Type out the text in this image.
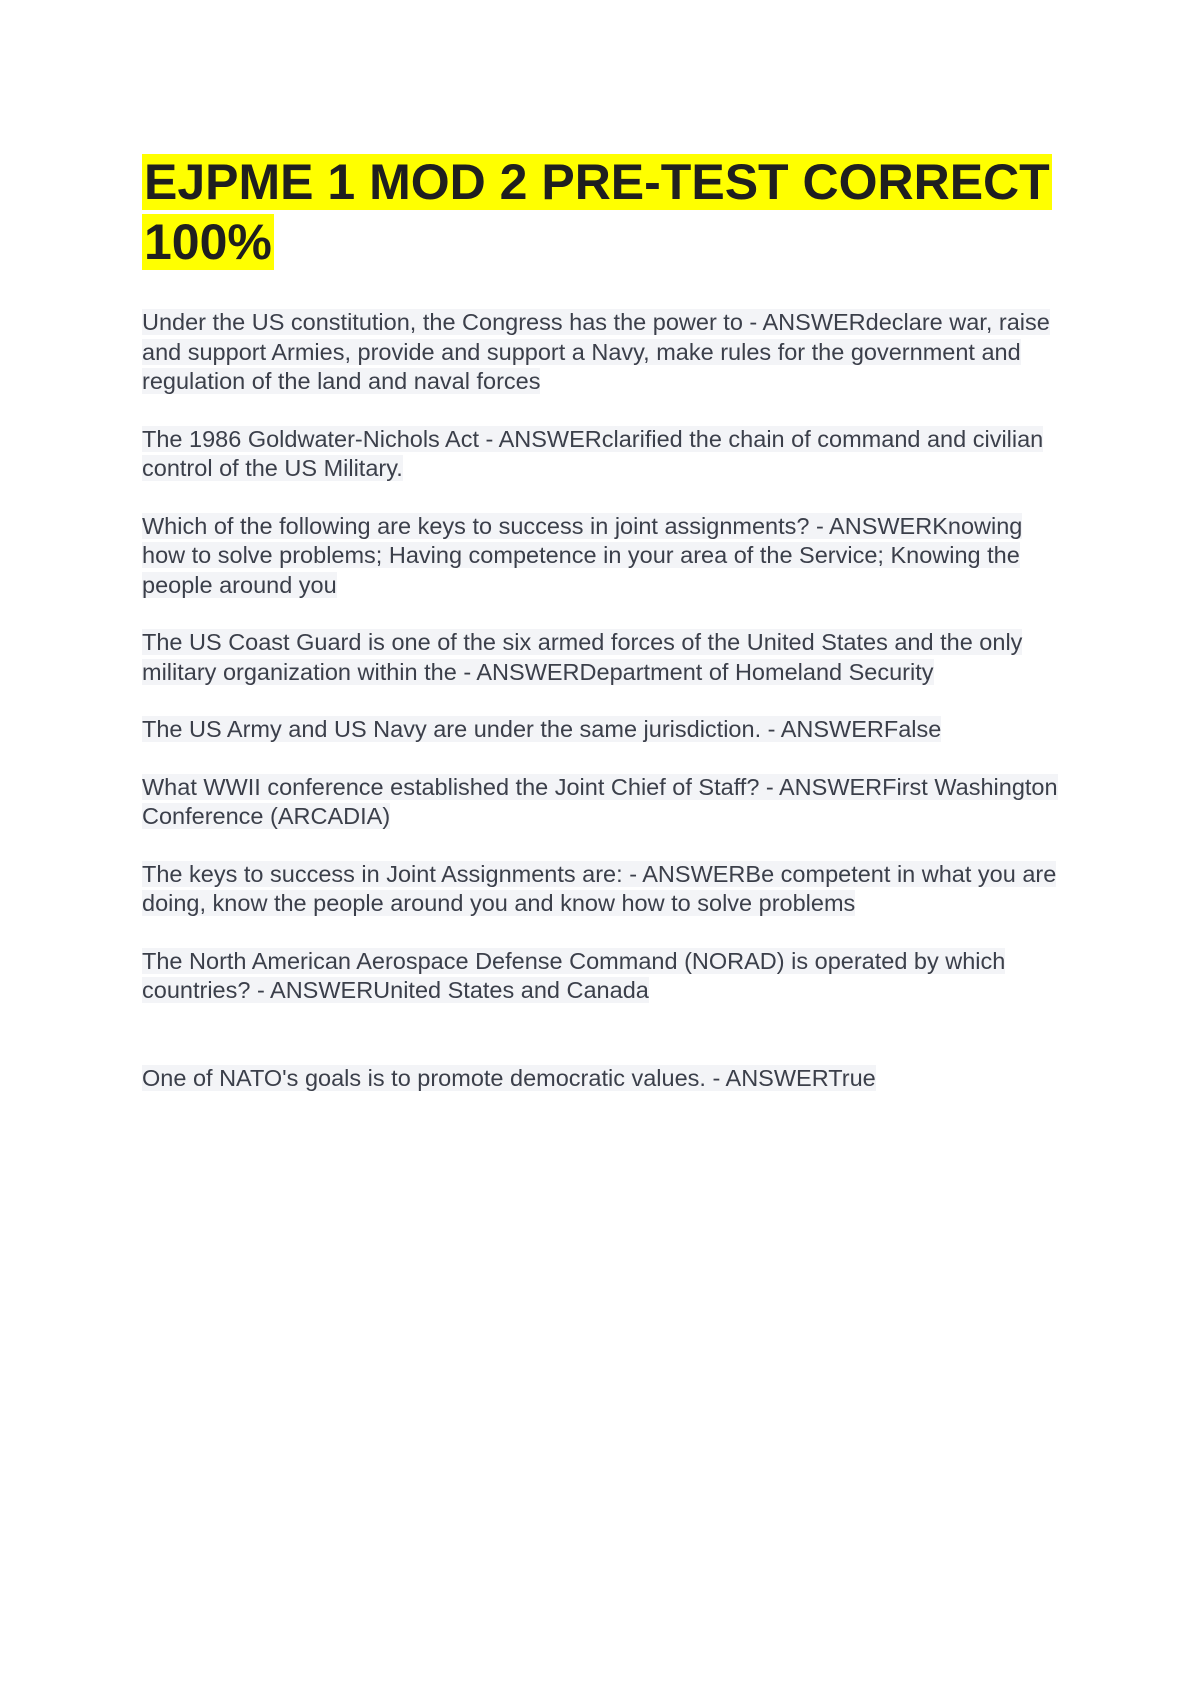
EJPME 1 MOD 2 PRE-TEST CORRECT 100%

Under the US constitution, the Congress has the power to - ANSWERdeclare war, raise and support Armies, provide and support a Navy, make rules for the government and regulation of the land and naval forces

The 1986 Goldwater-Nichols Act - ANSWERclarified the chain of command and civilian control of the US Military.

Which of the following are keys to success in joint assignments? - ANSWERKnowing how to solve problems; Having competence in your area of the Service; Knowing the people around you

The US Coast Guard is one of the six armed forces of the United States and the only military organization within the - ANSWERDepartment of Homeland Security

The US Army and US Navy are under the same jurisdiction. - ANSWERFalse

What WWII conference established the Joint Chief of Staff? - ANSWERFirst Washington Conference (ARCADIA)

The keys to success in Joint Assignments are: - ANSWERBe competent in what you are doing, know the people around you and know how to solve problems

The North American Aerospace Defense Command (NORAD) is operated by which countries? - ANSWERUnited States and Canada

One of NATO's goals is to promote democratic values. - ANSWERTrue
